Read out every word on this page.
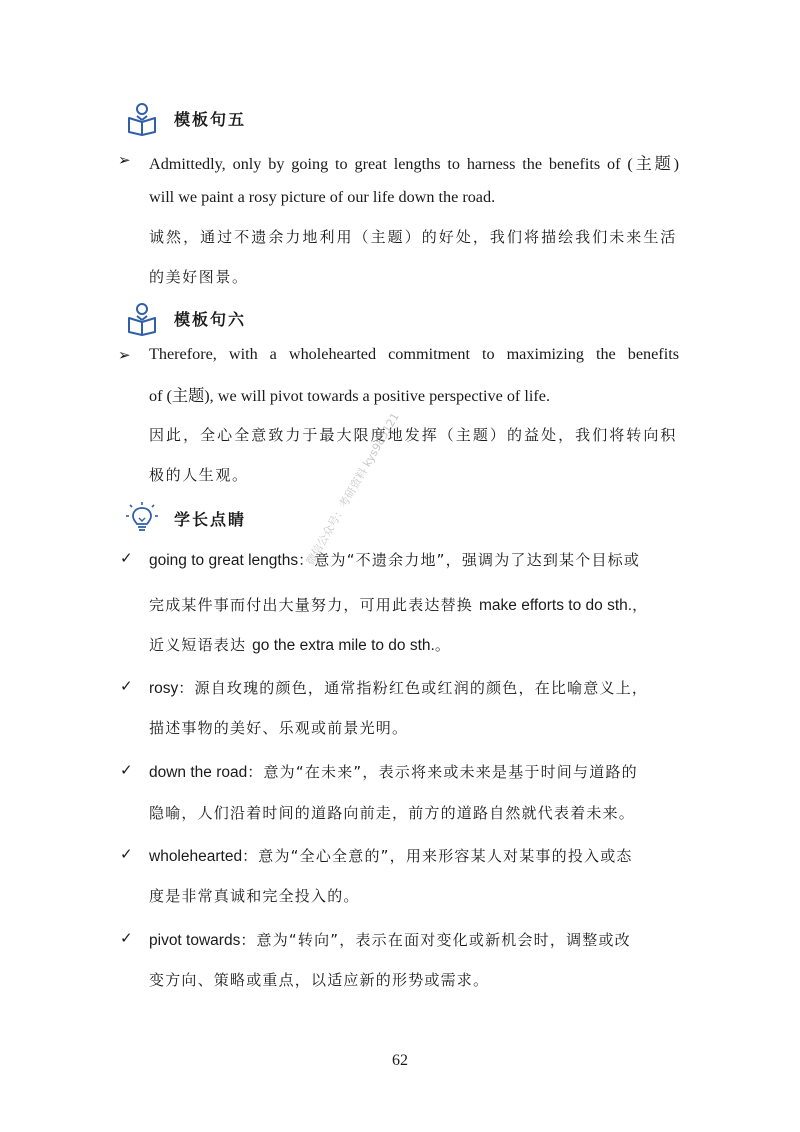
模板句五
➢ Admittedly, only by going to great lengths to harness the benefits of (主题)
will we paint a rosy picture of our life down the road.
诚然，通过不遗余力地利用（主题）的好处，我们将描绘我们未来生活
的美好图景。
模板句六
➢ Therefore, with a wholehearted commitment to maximizing the benefits
of (主题), we will pivot towards a positive perspective of life.
因此，全心全意致力于最大限度地发挥（主题）的益处，我们将转向积
极的人生观。
学长点睛
✓ going to great lengths：意为“不遗余力地”，强调为了达到某个目标或
完成某件事而付出大量努力，可用此表达替换 make efforts to do sth.，
近义短语表达 go the extra mile to do sth.。
✓ rosy：源自玫瑰的颜色，通常指粉红色或红润的颜色，在比喻意义上，
描述事物的美好、乐观或前景光明。
✓ down the road：意为“在未来”，表示将来或未来是基于时间与道路的
隐喻，人们沿着时间的道路向前走，前方的道路自然就代表着未来。
✓ wholehearted：意为“全心全意的”，用来形容某人对某事的投入或态
度是非常真诚和完全投入的。
✓ pivot towards：意为“转向”，表示在面对变化或新机会时，调整或改
变方向、策略或重点，以适应新的形势或需求。
微信公众号：考研资料 kys985121
62
